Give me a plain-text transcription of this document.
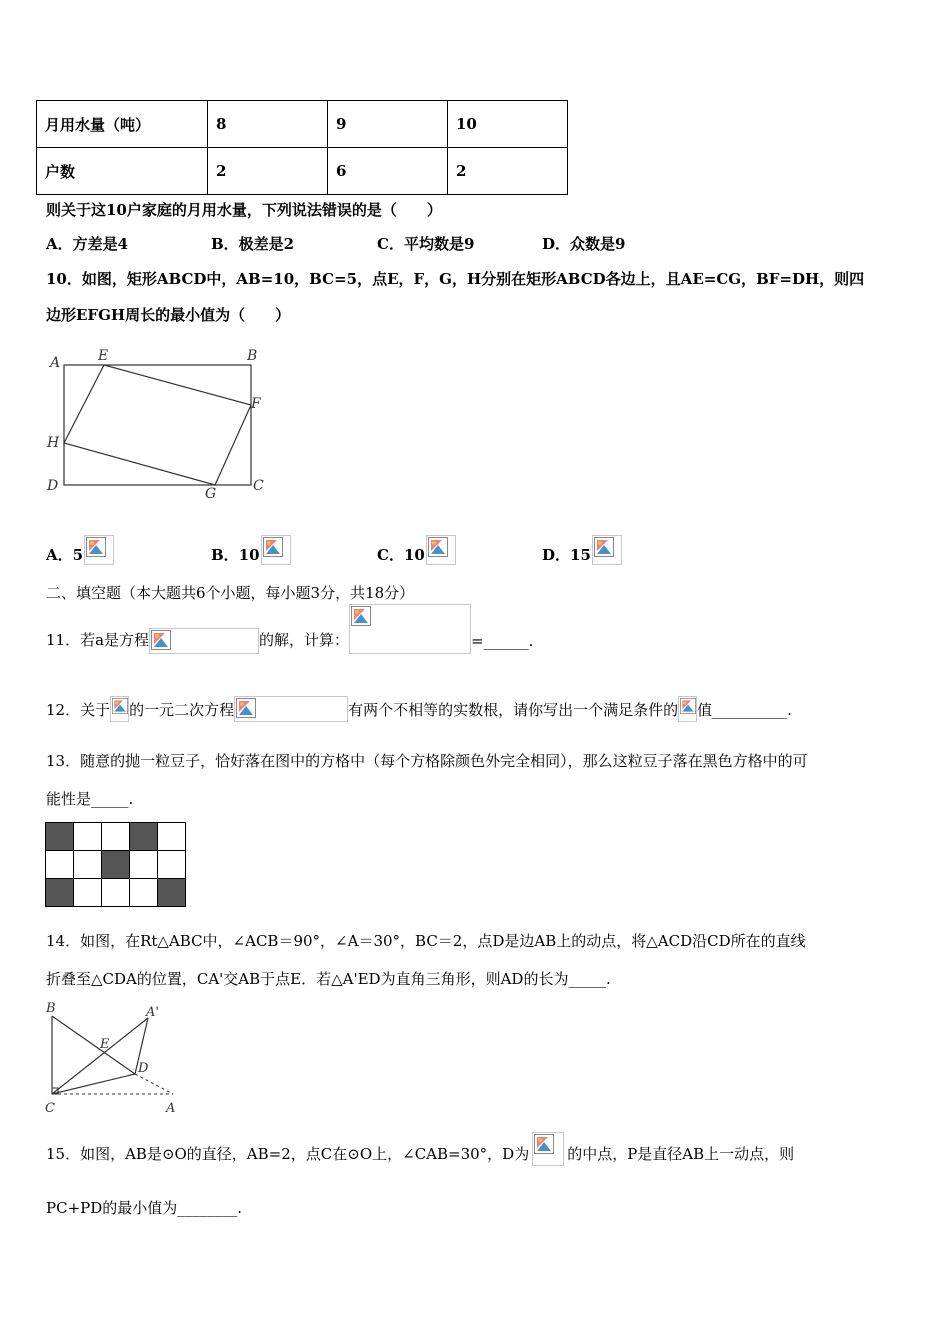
月用水量（吨）	8	9	10
户数	2	6	2
则关于这10户家庭的月用水量，下列说法错误的是（　　）
A．方差是4	B．极差是2	C．平均数是9	D．众数是9
10．如图，矩形ABCD中，AB=10，BC=5，点E，F，G，H分别在矩形ABCD各边上，且AE=CG，BF=DH，则四
边形EFGH周长的最小值为（　　）
A	E	B
F
H
D	G	C
A．5	B．10	C．10	D．15
二、填空题（本大题共6个小题，每小题3分，共18分）
11．若a是方程	的解，计算：	=______.
12．关于 的一元二次方程	有两个不相等的实数根，请你写出一个满足条件的 值__________.
13．随意的抛一粒豆子，恰好落在图中的方格中（每个方格除颜色外完全相同），那么这粒豆子落在黑色方格中的可
能性是_____.

14．如图，在Rt△ABC中，∠ACB＝90°，∠A＝30°，BC＝2，点D是边AB上的动点，将△ACD沿CD所在的直线
折叠至△CDA的位置，CA'交AB于点E．若△A'ED为直角三角形，则AD的长为_____.
B	A'
E
D
C	A
15．如图，AB是⊙O的直径，AB=2，点C在⊙O上，∠CAB=30°，D为	的中点，P是直径AB上一动点，则
PC+PD的最小值为________.
